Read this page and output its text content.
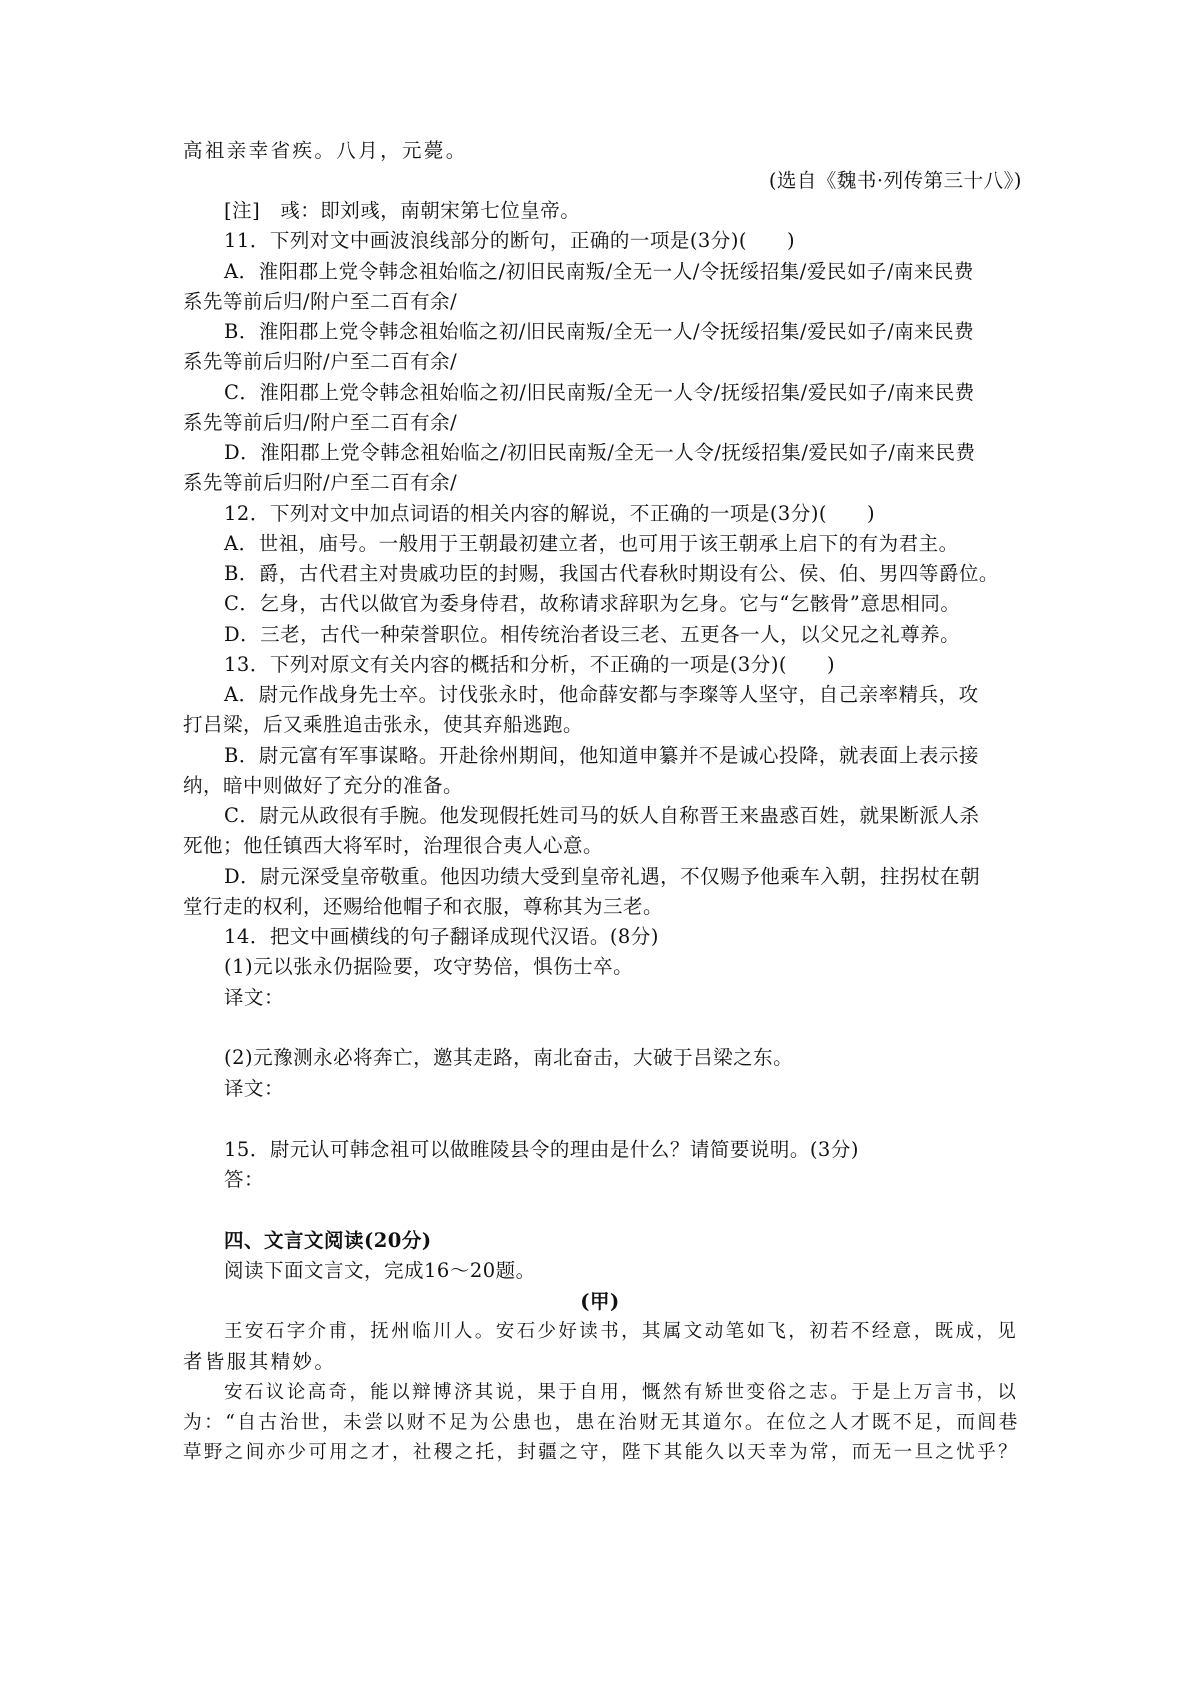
高祖亲幸省疾。八月，元薨。
(选自《魏书·列传第三十八》)
[注]　彧：即刘彧，南朝宋第七位皇帝。
11．下列对文中画波浪线部分的断句，正确的一项是(3分)(　　)
A．淮阳郡上党令韩念祖始临之/初旧民南叛/全无一人/令抚绥招集/爱民如子/南来民费
系先等前后归/附户至二百有余/
B．淮阳郡上党令韩念祖始临之初/旧民南叛/全无一人/令抚绥招集/爱民如子/南来民费
系先等前后归附/户至二百有余/
C．淮阳郡上党令韩念祖始临之初/旧民南叛/全无一人令/抚绥招集/爱民如子/南来民费
系先等前后归/附户至二百有余/
D．淮阳郡上党令韩念祖始临之/初旧民南叛/全无一人令/抚绥招集/爱民如子/南来民费
系先等前后归附/户至二百有余/
12．下列对文中加点词语的相关内容的解说，不正确的一项是(3分)(　　)
A．世祖，庙号。一般用于王朝最初建立者，也可用于该王朝承上启下的有为君主。
B．爵，古代君主对贵戚功臣的封赐，我国古代春秋时期设有公、侯、伯、男四等爵位。
C．乞身，古代以做官为委身侍君，故称请求辞职为乞身。它与“乞骸骨”意思相同。
D．三老，古代一种荣誉职位。相传统治者设三老、五更各一人，以父兄之礼尊养。
13．下列对原文有关内容的概括和分析，不正确的一项是(3分)(　　)
A．尉元作战身先士卒。讨伐张永时，他命薛安都与李璨等人坚守，自己亲率精兵，攻
打吕梁，后又乘胜追击张永，使其弃船逃跑。
B．尉元富有军事谋略。开赴徐州期间，他知道申纂并不是诚心投降，就表面上表示接
纳，暗中则做好了充分的准备。
C．尉元从政很有手腕。他发现假托姓司马的妖人自称晋王来蛊惑百姓，就果断派人杀
死他；他任镇西大将军时，治理很合夷人心意。
D．尉元深受皇帝敬重。他因功绩大受到皇帝礼遇，不仅赐予他乘车入朝，拄拐杖在朝
堂行走的权利，还赐给他帽子和衣服，尊称其为三老。
14．把文中画横线的句子翻译成现代汉语。(8分)
(1)元以张永仍据险要，攻守势倍，惧伤士卒。
译文：
(2)元豫测永必将奔亡，邀其走路，南北奋击，大破于吕梁之东。
译文：
15．尉元认可韩念祖可以做睢陵县令的理由是什么？请简要说明。(3分)
答：
四、文言文阅读(20分)
阅读下面文言文，完成16～20题。
(甲)
王安石字介甫，抚州临川人。安石少好读书，其属文动笔如飞，初若不经意，既成，见
者皆服其精妙。
安石议论高奇，能以辩博济其说，果于自用，慨然有矫世变俗之志。于是上万言书，以
为：“自古治世，未尝以财不足为公患也，患在治财无其道尔。在位之人才既不足，而闾巷
草野之间亦少可用之才，社稷之托，封疆之守，陛下其能久以天幸为常，而无一旦之忧乎？
